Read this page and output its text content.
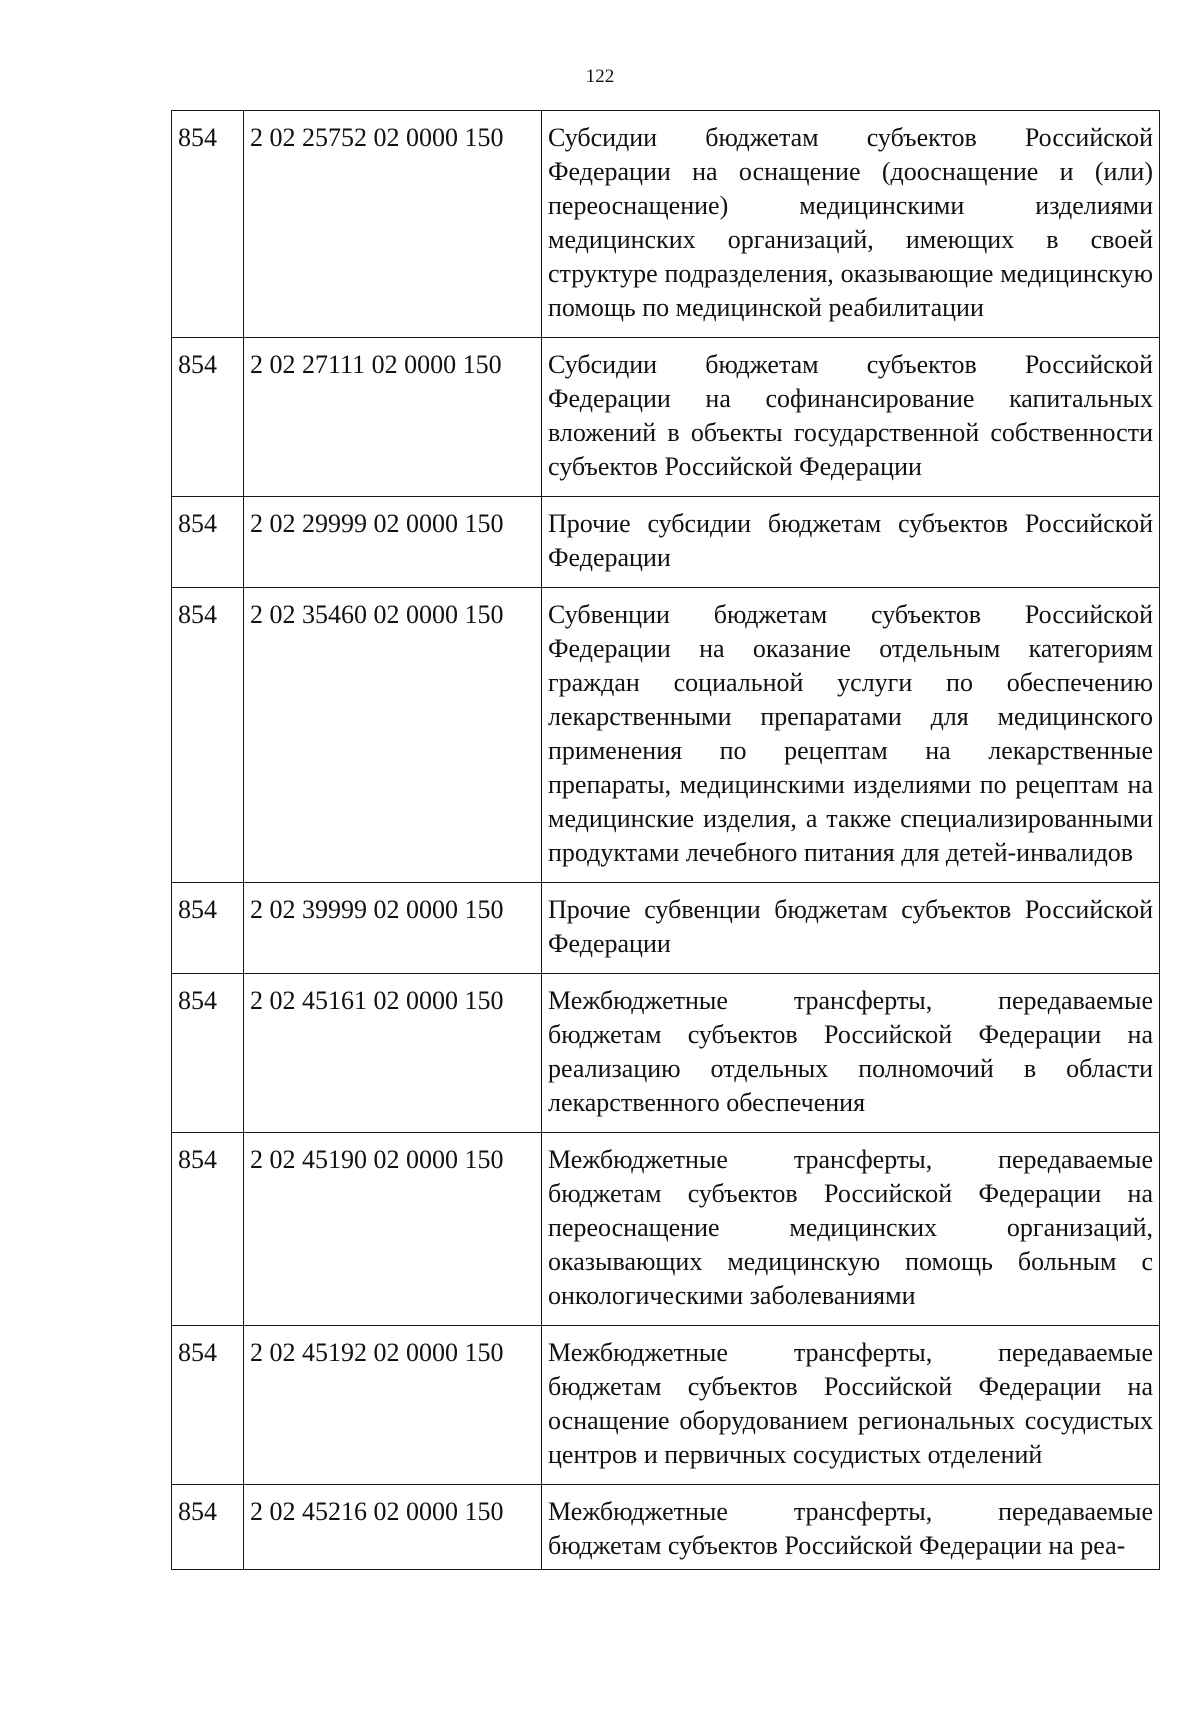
122
854	2 02 25752 02 0000 150	Субсидии бюджетам субъектов Российской Федерации на оснащение (дооснащение и (или) переоснащение) медицинскими изделиями медицинских организаций, имеющих в своей структуре подразделения, оказывающие медицинскую помощь по медицинской реабилитации
854	2 02 27111 02 0000 150	Субсидии бюджетам субъектов Российской Федерации на софинансирование капитальных вложений в объекты государственной собственности субъектов Российской Федерации
854	2 02 29999 02 0000 150	Прочие субсидии бюджетам субъектов Российской Федерации
854	2 02 35460 02 0000 150	Субвенции бюджетам субъектов Российской Федерации на оказание отдельным категориям граждан социальной услуги по обеспечению лекарственными препаратами для медицинского применения по рецептам на лекарственные препараты, медицинскими изделиями по рецептам на медицинские изделия, а также специализированными продуктами лечебного питания для детей-инвалидов
854	2 02 39999 02 0000 150	Прочие субвенции бюджетам субъектов Российской Федерации
854	2 02 45161 02 0000 150	Межбюджетные трансферты, передаваемые бюджетам субъектов Российской Федерации на реализацию отдельных полномочий в области лекарственного обеспечения
854	2 02 45190 02 0000 150	Межбюджетные трансферты, передаваемые бюджетам субъектов Российской Федерации на переоснащение медицинских организаций, оказывающих медицинскую помощь больным с онкологическими заболеваниями
854	2 02 45192 02 0000 150	Межбюджетные трансферты, передаваемые бюджетам субъектов Российской Федерации на оснащение оборудованием региональных сосудистых центров и первичных сосудистых отделений
854	2 02 45216 02 0000 150	Межбюджетные трансферты, передаваемые бюджетам субъектов Российской Федерации на реа-
